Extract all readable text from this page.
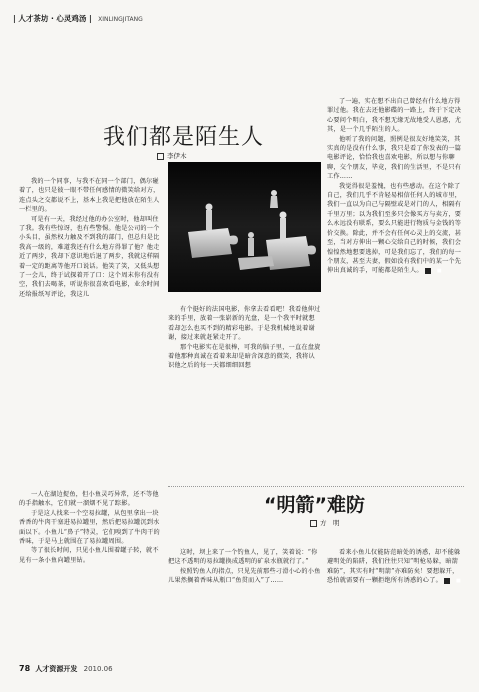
| 人才茶坊 · 心灵鸡汤 | XINLINGJITANG
我们都是陌生人
李伊木

我的一个同事，与我不在同一个部门，偶尔碰着了，也只是彼一眼不带任何感情的微笑给对方，连点头之交都说不上，基本上我是把他放在陌生人一栏里的。

可是有一天，我经过他的办公室时，他却叫住了我。我有些惊讶，也有些警惕。他是公司的一个小头目，虽然权力触及不到我的部门，但总归是比我高一级的，难道我还有什么地方得罪了他？他走近了两步，我却下意识地后退了两步，我就这样隔着一定的距离等他开口说话。他笑了笑，又低头想了一会儿，终于试探着开了口：这个周末你有没有空，我们去喝茶，听说你很喜欢看电影，业余时间还给报纸写评论，我这儿

有个挺好的法国电影，你拿去看看吧！我看他伸过来的手里，放着一张崭新的光盘，是一个我平时就想看却怎么也买不到的精彩电影。于是我机械地说着谢谢，接过来就赶紧走开了。

那个电影实在是很棒，可我的脑子里，一直在盘旋着他那种真诚在看着来却是暗含深意的微笑，我将认识他之后的每一天都细细回想

了一遍，实在想不出自己曾经有什么地方得罪过他。我在去还他影碟的一路上，终于下定决心要问个明白，我不想无缘无故地受人恩惠，尤其，是一个几乎陌生的人。

他听了我的问题，照例是很友好地笑笑，其实真的是没有什么事，我只是看了你发表的一篇电影评论，恰恰我也喜欢电影，所以想与你聊聊，交个朋友，毕竟，我们的生活里，不是只有工作……

我觉得很是羞愧，也有些感动。在这个除了自己，我们几乎不肯轻易相信任何人的城市里，我们一直以为自己与隔壁或是对门的人，相隔有千里万里；以为我们至多只会像买方与卖方，要么永远没有联系，要么只能进行物质与金钱的等价交换。除此，并不会有任何心灵上的交流，甚至，当对方伸出一颗心交给自己的时候，我们会惶惶然地想要逃掉，可是我们忘了，我们的每一个朋友，甚至夫妻，假如没有我们中的某一个先伸出真诚的手，可能都是陌生人。	■

“明箭”难防
方　明

一人在湖边捉鱼，但小鱼灵巧异常，还不等他的手指触水，它们就一溜烟不见了踪影。

于是这人找来一个空易拉罐，从包里拿出一块香香的牛肉干塞进易拉罐里，然后把易拉罐沉到水面以下。小鱼儿“鼻子”特灵，它们嗅到了牛肉干的香味，于是马上就围在了易拉罐周围。

等了很长时间，只见小鱼儿围着罐子转，就不见有一条小鱼向罐里钻。

这时，坝上来了一个钓鱼人，见了，笑着说：“你把这不透明的易拉罐换成透明的矿泉水瓶就行了。”

按照钓鱼人的指点，只见先前那些刁滑小心的小鱼儿果然搁着香味从瓶口“鱼贯而入”了……

看来小鱼儿仅能防范暗处的诱惑，却不能躲避明处的陷阱，我们往往只知“明枪易躲，暗箭难防”，其实有时“明箭”亦难防矣！要想躲开，恐怕就需要有一颗拒绝所有诱惑的心了。	■

78 人才资源开发 2010.06
